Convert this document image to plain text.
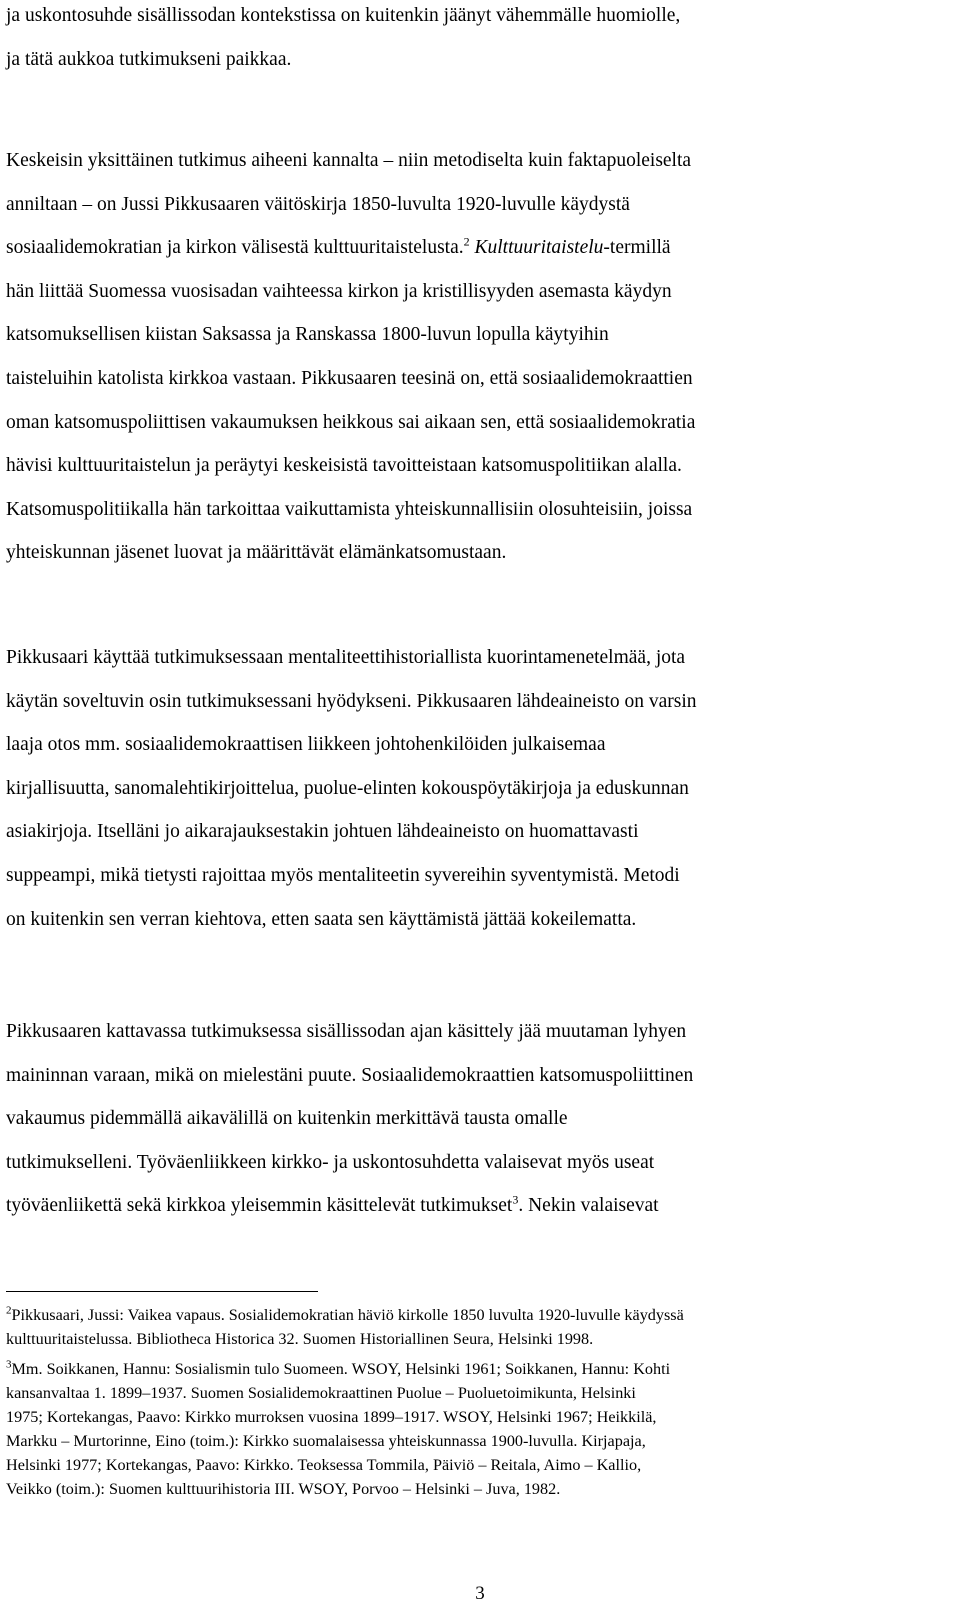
ja uskontosuhde sisällissodan kontekstissa on kuitenkin jäänyt vähemmälle huomiolle,
ja tätä aukkoa tutkimukseni paikkaa.
Keskeisin yksittäinen tutkimus aiheeni kannalta – niin metodiselta kuin faktapuoleiselta
anniltaan – on Jussi Pikkusaaren väitöskirja 1850-luvulta 1920-luvulle käydystä
sosiaalidemokratian ja kirkon välisestä kulttuuritaistelusta.$^2$ Kulttuuritaistelu-termillä
hän liittää Suomessa vuosisadan vaihteessa kirkon ja kristillisyyden asemasta käydyn
katsomuksellisen kiistan Saksassa ja Ranskassa 1800-luvun lopulla käytyihin
taisteluihin katolista kirkkoa vastaan. Pikkusaaren teesinä on, että sosiaalidemokraattien
oman katsomuspoliittisen vakaumuksen heikkous sai aikaan sen, että sosiaalidemokratia
hävisi kulttuuritaistelun ja peräytyi keskeisistä tavoitteistaan katsomuspolitiikan alalla.
Katsomuspolitiikalla hän tarkoittaa vaikuttamista yhteiskunnallisiin olosuhteisiin, joissa
yhteiskunnan jäsenet luovat ja määrittävät elämänkatsomustaan.
Pikkusaari käyttää tutkimuksessaan mentaliteettihistoriallista kuorintamenetelmää, jota
käytän soveltuvin osin tutkimuksessani hyödykseni. Pikkusaaren lähdeaineisto on varsin
laaja otos mm. sosiaalidemokraattisen liikkeen johtohenkilöiden julkaisemaa
kirjallisuutta, sanomalehtikirjoittelua, puolue-elinten kokouspöytäkirjoja ja eduskunnan
asiakirjoja. Itselläni jo aikarajauksestakin johtuen lähdeaineisto on huomattavasti
suppeampi, mikä tietysti rajoittaa myös mentaliteetin syvereihin syventymistä. Metodi
on kuitenkin sen verran kiehtova, etten saata sen käyttämistä jättää kokeilematta.
Pikkusaaren kattavassa tutkimuksessa sisällissodan ajan käsittely jää muutaman lyhyen
maininnan varaan, mikä on mielestäni puute. Sosiaalidemokraattien katsomuspoliittinen
vakaumus pidemmällä aikavälillä on kuitenkin merkittävä tausta omalle
tutkimukselleni. Työväenliikkeen kirkko- ja uskontosuhdetta valaisevat myös useat
työväenliikettä sekä kirkkoa yleisemmin käsittelevät tutkimukset$^3$. Nekin valaisevat
$^2$Pikkusaari, Jussi: Vaikea vapaus. Sosialidemokratian häviö kirkolle 1850 luvulta 1920-luvulle käydyssä
kulttuuritaistelussa. Bibliotheca Historica 32. Suomen Historiallinen Seura, Helsinki 1998.
$^3$Mm. Soikkanen, Hannu: Sosialismin tulo Suomeen. WSOY, Helsinki 1961; Soikkanen, Hannu: Kohti
kansanvaltaa 1. 1899–1937. Suomen Sosialidemokraattinen Puolue – Puoluetoimikunta, Helsinki
1975; Kortekangas, Paavo: Kirkko murroksen vuosina 1899–1917. WSOY, Helsinki 1967; Heikkilä,
Markku – Murtorinne, Eino (toim.): Kirkko suomalaisessa yhteiskunnassa 1900-luvulla. Kirjapaja,
Helsinki 1977; Kortekangas, Paavo: Kirkko. Teoksessa Tommila, Päiviö – Reitala, Aimo – Kallio,
Veikko (toim.): Suomen kulttuurihistoria III. WSOY, Porvoo – Helsinki – Juva, 1982.
3
